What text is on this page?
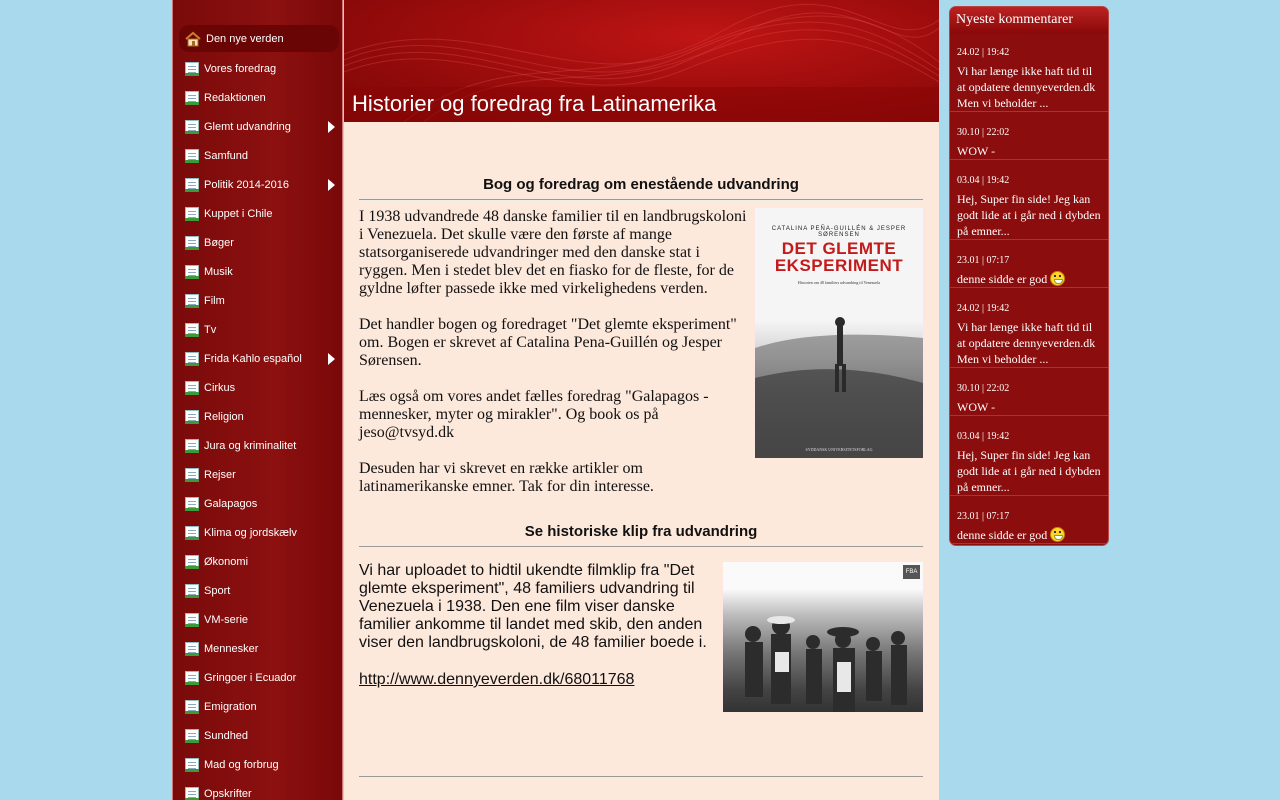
Den nye verden
Vores foredrag
Redaktionen
Glemt udvandring
Samfund
Politik 2014-2016
Kuppet i Chile
Bøger
Musik
Film
Tv
Frida Kahlo español
Cirkus
Religion
Jura og kriminalitet
Rejser
Galapagos
Klima og jordskælv
Økonomi
Sport
VM-serie
Mennesker
Gringoer i Ecuador
Emigration
Sundhed
Mad og forbrug
Opskrifter
Historier og foredrag fra Latinamerika
Bog og foredrag om enestående udvandring

I 1938 udvandrede 48 danske familier til en landbrugskoloni i Venezuela. Det skulle være den første af mange statsorganiserede udvandringer med den danske stat i ryggen. Men i stedet blev det en fiasko for de fleste, for de gyldne løfter passede ikke med virkelighedens verden.

Det handler bogen og foredraget "Det glemte eksperiment" om. Bogen er skrevet af Catalina Pena-Guillén og Jesper Sørensen.

Læs også om vores andet fælles foredrag "Galapagos - mennesker, myter og mirakler". Og book os på jeso@tvsyd.dk

Desuden har vi skrevet en række artikler om latinamerikanske emner. Tak for din interesse.

CATALINA PEÑA-GUILLÉN & JESPER SØRENSEN
DET GLEMTE
EKSPERIMENT
Historien om 48 familiers udvandring til Venezuela
SYDDANSK UNIVERSITETSFORLAG
Se historiske klip fra udvandring

Vi har uploadet to hidtil ukendte filmklip fra "Det glemte eksperiment", 48 familiers udvandring til Venezuela i 1938. Den ene film viser danske familier ankomme til landet med skib, den anden viser den landbrugskoloni, de 48 familier boede i.

http://www.dennyeverden.dk/68011768
FBA
Nyeste kommentarer
24.02 | 19:42
Vi har længe ikke haft tid til at opdatere dennyeverden.dk Men vi beholder ...
30.10 | 22:02
WOW -
03.04 | 19:42
Hej, Super fin side! Jeg kan godt lide at i går ned i dybden på emner...
23.01 | 07:17
denne sidde er god
24.02 | 19:42
Vi har længe ikke haft tid til at opdatere dennyeverden.dk Men vi beholder ...
30.10 | 22:02
WOW -
03.04 | 19:42
Hej, Super fin side! Jeg kan godt lide at i går ned i dybden på emner...
23.01 | 07:17
denne sidde er god
